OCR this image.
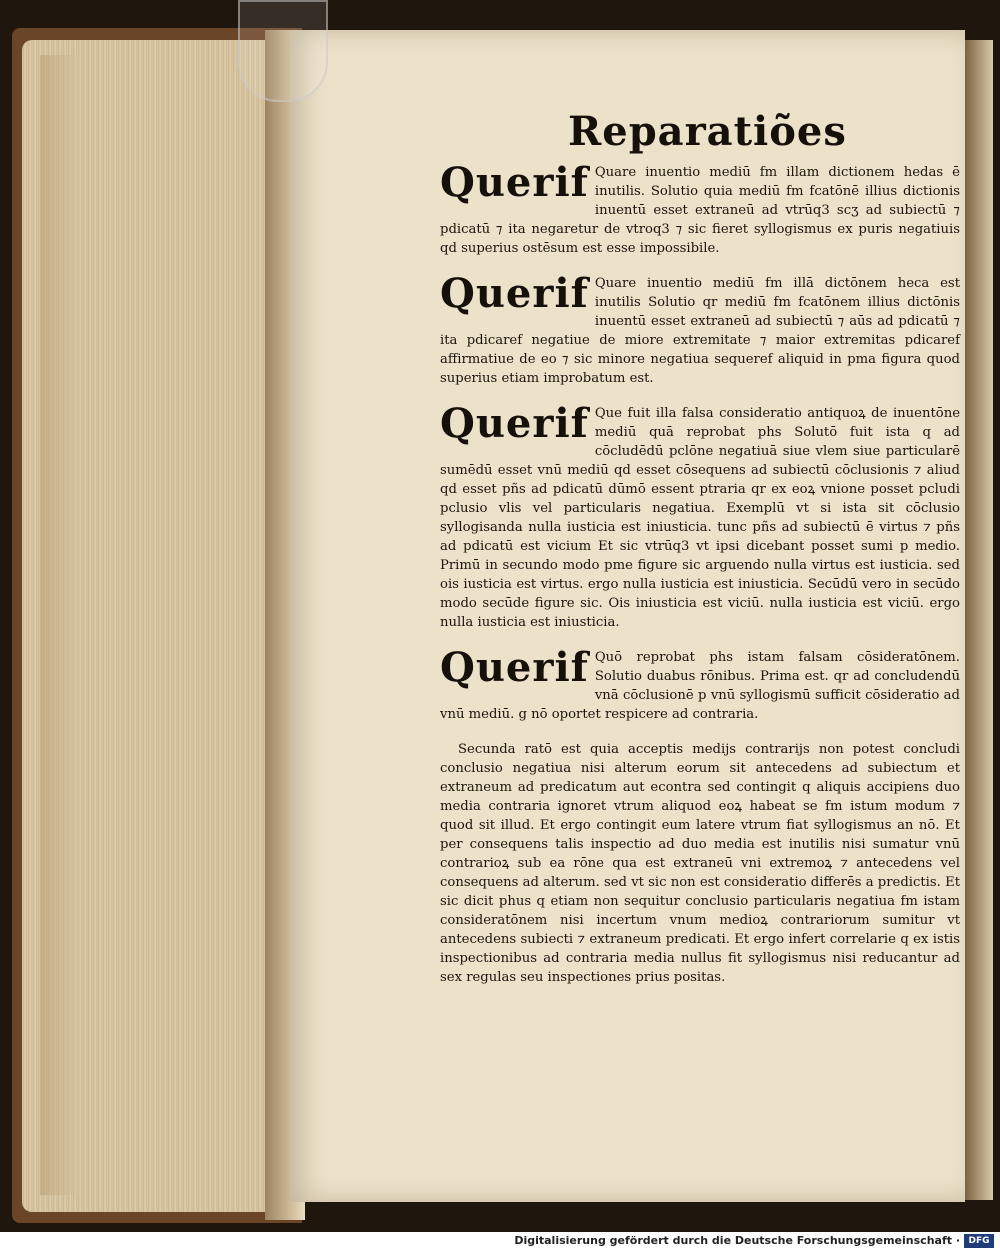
Reparatiões
Querif Quare inuentio mediū fm illam dictionem hedas ē inutilis. Solutio quia mediū fm fcatōnē illius dictionis inuentū esset extraneū ad vtrūq3 scʒ ad subiectū ⁊ pdicatū ⁊ ita negaretur de vtroq3 ⁊ sic fieret syllogismus ex puris negatiuis qd superius ostēsum est esse impossibile.
Querif Quare inuentio mediū fm illā dictōnem heca est inutilis Solutio qr mediū fm fcatōnem illius dictōnis inuentū esset extraneū ad subiectū ⁊ aūs ad pdicatū ⁊ ita pdicaref negatiue de miore extremitate ⁊ maior extremitas pdicaref affirmatiue de eo ⁊ sic minore negatiua sequeref aliquid in pma figura quod superius etiam improbatum est.
Querif Que fuit illa falsa consideratio antiquoꝝ de inuentōne mediū quā reprobat phs Solutō fuit ista q ad cōcludēdū pclōne negatiuā siue vlem siue particularē sumēdū esset vnū mediū qd esset cōsequens ad subiectū cōclusionis ⁊ aliud qd esset pñs ad pdicatū dūmō essent ptraria qr ex eoꝝ vnione posset pcludi pclusio vlis vel particularis negatiua. Exemplū vt si ista sit cōclusio syllogisanda nulla iusticia est iniusticia. tunc pñs ad subiectū ē virtus ⁊ pñs ad pdicatū est vicium Et sic vtrūq3 vt ipsi dicebant posset sumi p medio. Primū in secundo modo pme figure sic arguendo nulla virtus est iusticia. sed ois iusticia est virtus. ergo nulla iusticia est iniusticia. Secūdū vero in secūdo modo secūde figure sic. Ois iniusticia est viciū. nulla iusticia est viciū. ergo nulla iusticia est iniusticia.
Querif Quō reprobat phs istam falsam cōsideratōnem. Solutio duabus rōnibus. Prima est. qr ad concludendū vnā cōclusionē p vnū syllogismū sufficit cōsideratio ad vnū mediū. g nō oportet respicere ad contraria.
Secunda ratō est quia acceptis medijs contrarijs non potest concludi conclusio negatiua nisi alterum eorum sit antecedens ad subiectum et extraneum ad predicatum aut econtra sed contingit q aliquis accipiens duo media contraria ignoret vtrum aliquod eoꝝ habeat se fm istum modum ⁊ quod sit illud. Et ergo contingit eum latere vtrum fiat syllogismus an nō. Et per consequens talis inspectio ad duo media est inutilis nisi sumatur vnū contrarioꝝ sub ea rōne qua est extraneū vni extremoꝝ ⁊ antecedens vel consequens ad alterum. sed vt sic non est consideratio differēs a predictis. Et sic dicit phus q etiam non sequitur conclusio particularis negatiua fm istam consideratōnem nisi incertum vnum medioꝝ contrariorum sumitur vt antecedens subiecti ⁊ extraneum predicati. Et ergo infert correlarie q ex istis inspectionibus ad contraria media nullus fit syllogismus nisi reducantur ad sex regulas seu inspectiones prius positas.
Digitalisierung gefördert durch die Deutsche Forschungsgemeinschaft · DFG
